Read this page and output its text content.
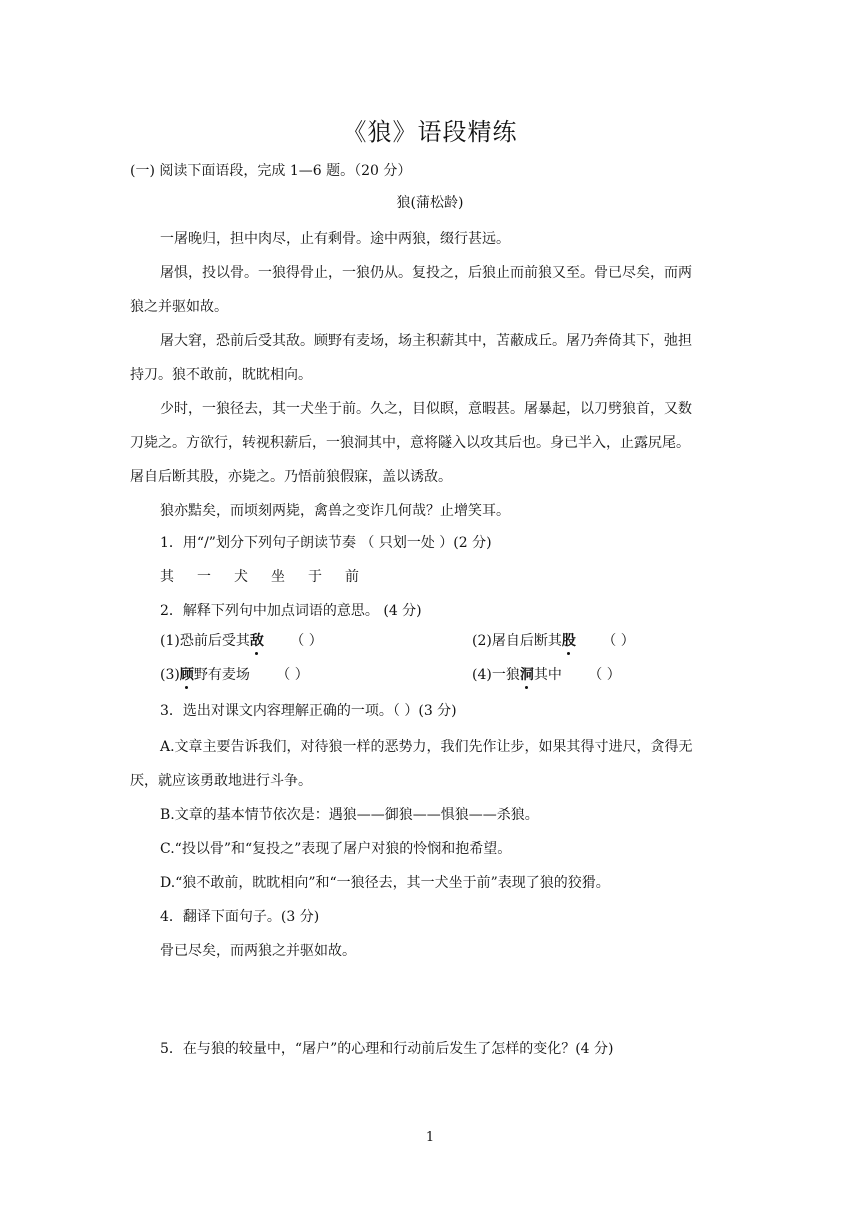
《狼》语段精练
(一) 阅读下面语段，完成 1—6 题。（20 分）
狼(蒲松龄)
一屠晚归，担中肉尽，止有剩骨。途中两狼，缀行甚远。
屠惧，投以骨。一狼得骨止，一狼仍从。复投之，后狼止而前狼又至。骨已尽矣，而两
狼之并驱如故。
屠大窘，恐前后受其敌。顾野有麦场，场主积薪其中，苫蔽成丘。屠乃奔倚其下，弛担
持刀。狼不敢前，眈眈相向。
少时，一狼径去，其一犬坐于前。久之，目似瞑，意暇甚。屠暴起，以刀劈狼首，又数
刀毙之。方欲行，转视积薪后，一狼洞其中，意将隧入以攻其后也。身已半入，止露尻尾。
屠自后断其股，亦毙之。乃悟前狼假寐，盖以诱敌。
狼亦黠矣，而顷刻两毙，禽兽之变诈几何哉？止增笑耳。
1．用“/”划分下列句子朗读节奏 （ 只划一处 ）(2 分)
其 一 犬 坐 于 前
2．解释下列句中加点词语的意思。 (4 分)
(1)恐前后受其敌 （ ）	(2)屠自后断其股 （ ）
(3)顾野有麦场 （ ）	(4)一狼洞其中 （ ）
3．选出对课文内容理解正确的一项。（ ）(3 分)
A.文章主要告诉我们，对待狼一样的恶势力，我们先作让步，如果其得寸进尺，贪得无
厌，就应该勇敢地进行斗争。
B.文章的基本情节依次是：遇狼——御狼——惧狼——杀狼。
C.“投以骨”和“复投之”表现了屠户对狼的怜悯和抱希望。
D.“狼不敢前，眈眈相向”和“一狼径去，其一犬坐于前”表现了狼的狡猾。
4．翻译下面句子。(3 分)
骨已尽矣，而两狼之并驱如故。
5．在与狼的较量中，“屠户”的心理和行动前后发生了怎样的变化？(4 分)
1
